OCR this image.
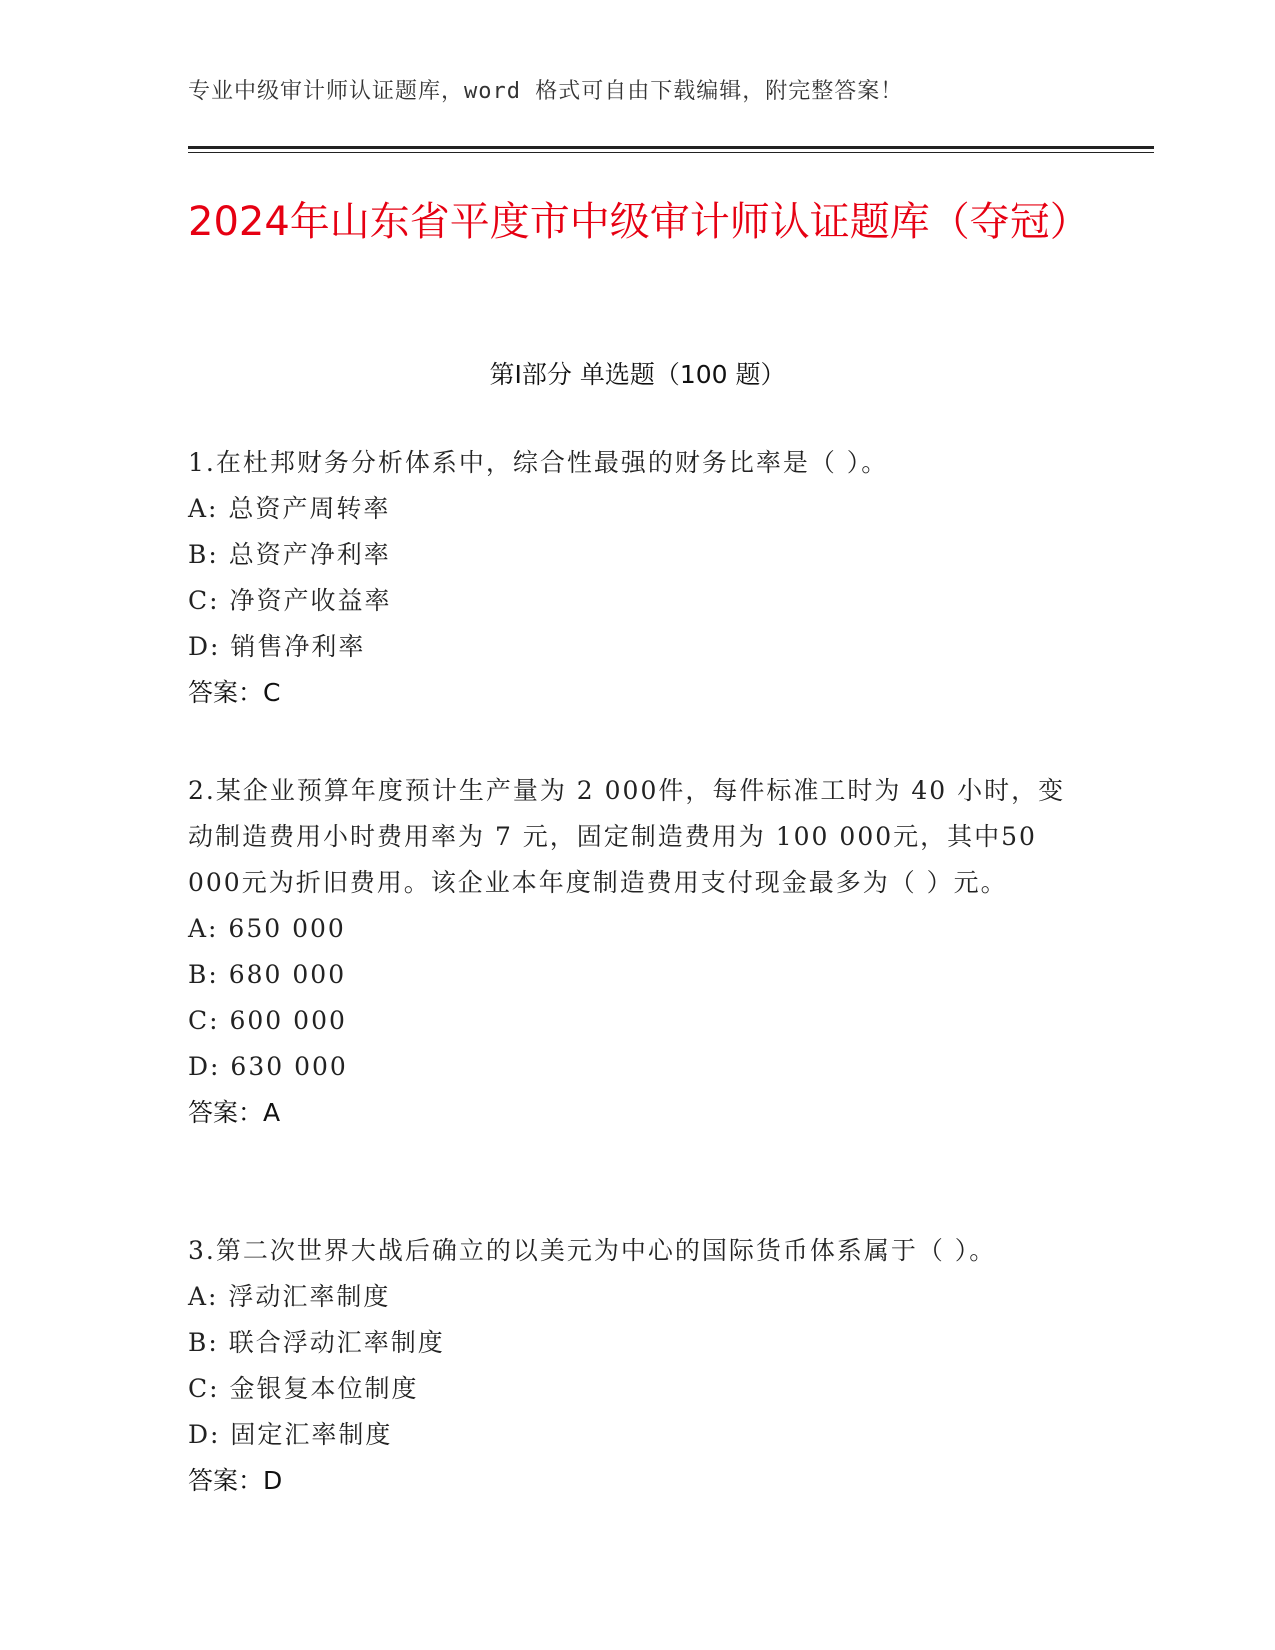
专业中级审计师认证题库，word 格式可自由下载编辑，附完整答案！
2024年山东省平度市中级审计师认证题库（夺冠）
第Ⅰ部分 单选题（100 题）
1.在杜邦财务分析体系中，综合性最强的财务比率是（ ）。
A: 总资产周转率
B: 总资产净利率
C: 净资产收益率
D: 销售净利率
答案：C
2.某企业预算年度预计生产量为 2 000件，每件标准工时为 40 小时，变动制造费用小时费用率为 7 元，固定制造费用为 100 000元，其中50 000元为折旧费用。该企业本年度制造费用支付现金最多为（ ）元。
A: 650 000
B: 680 000
C: 600 000
D: 630 000
答案：A
3.第二次世界大战后确立的以美元为中心的国际货币体系属于（ ）。
A: 浮动汇率制度
B: 联合浮动汇率制度
C: 金银复本位制度
D: 固定汇率制度
答案：D
